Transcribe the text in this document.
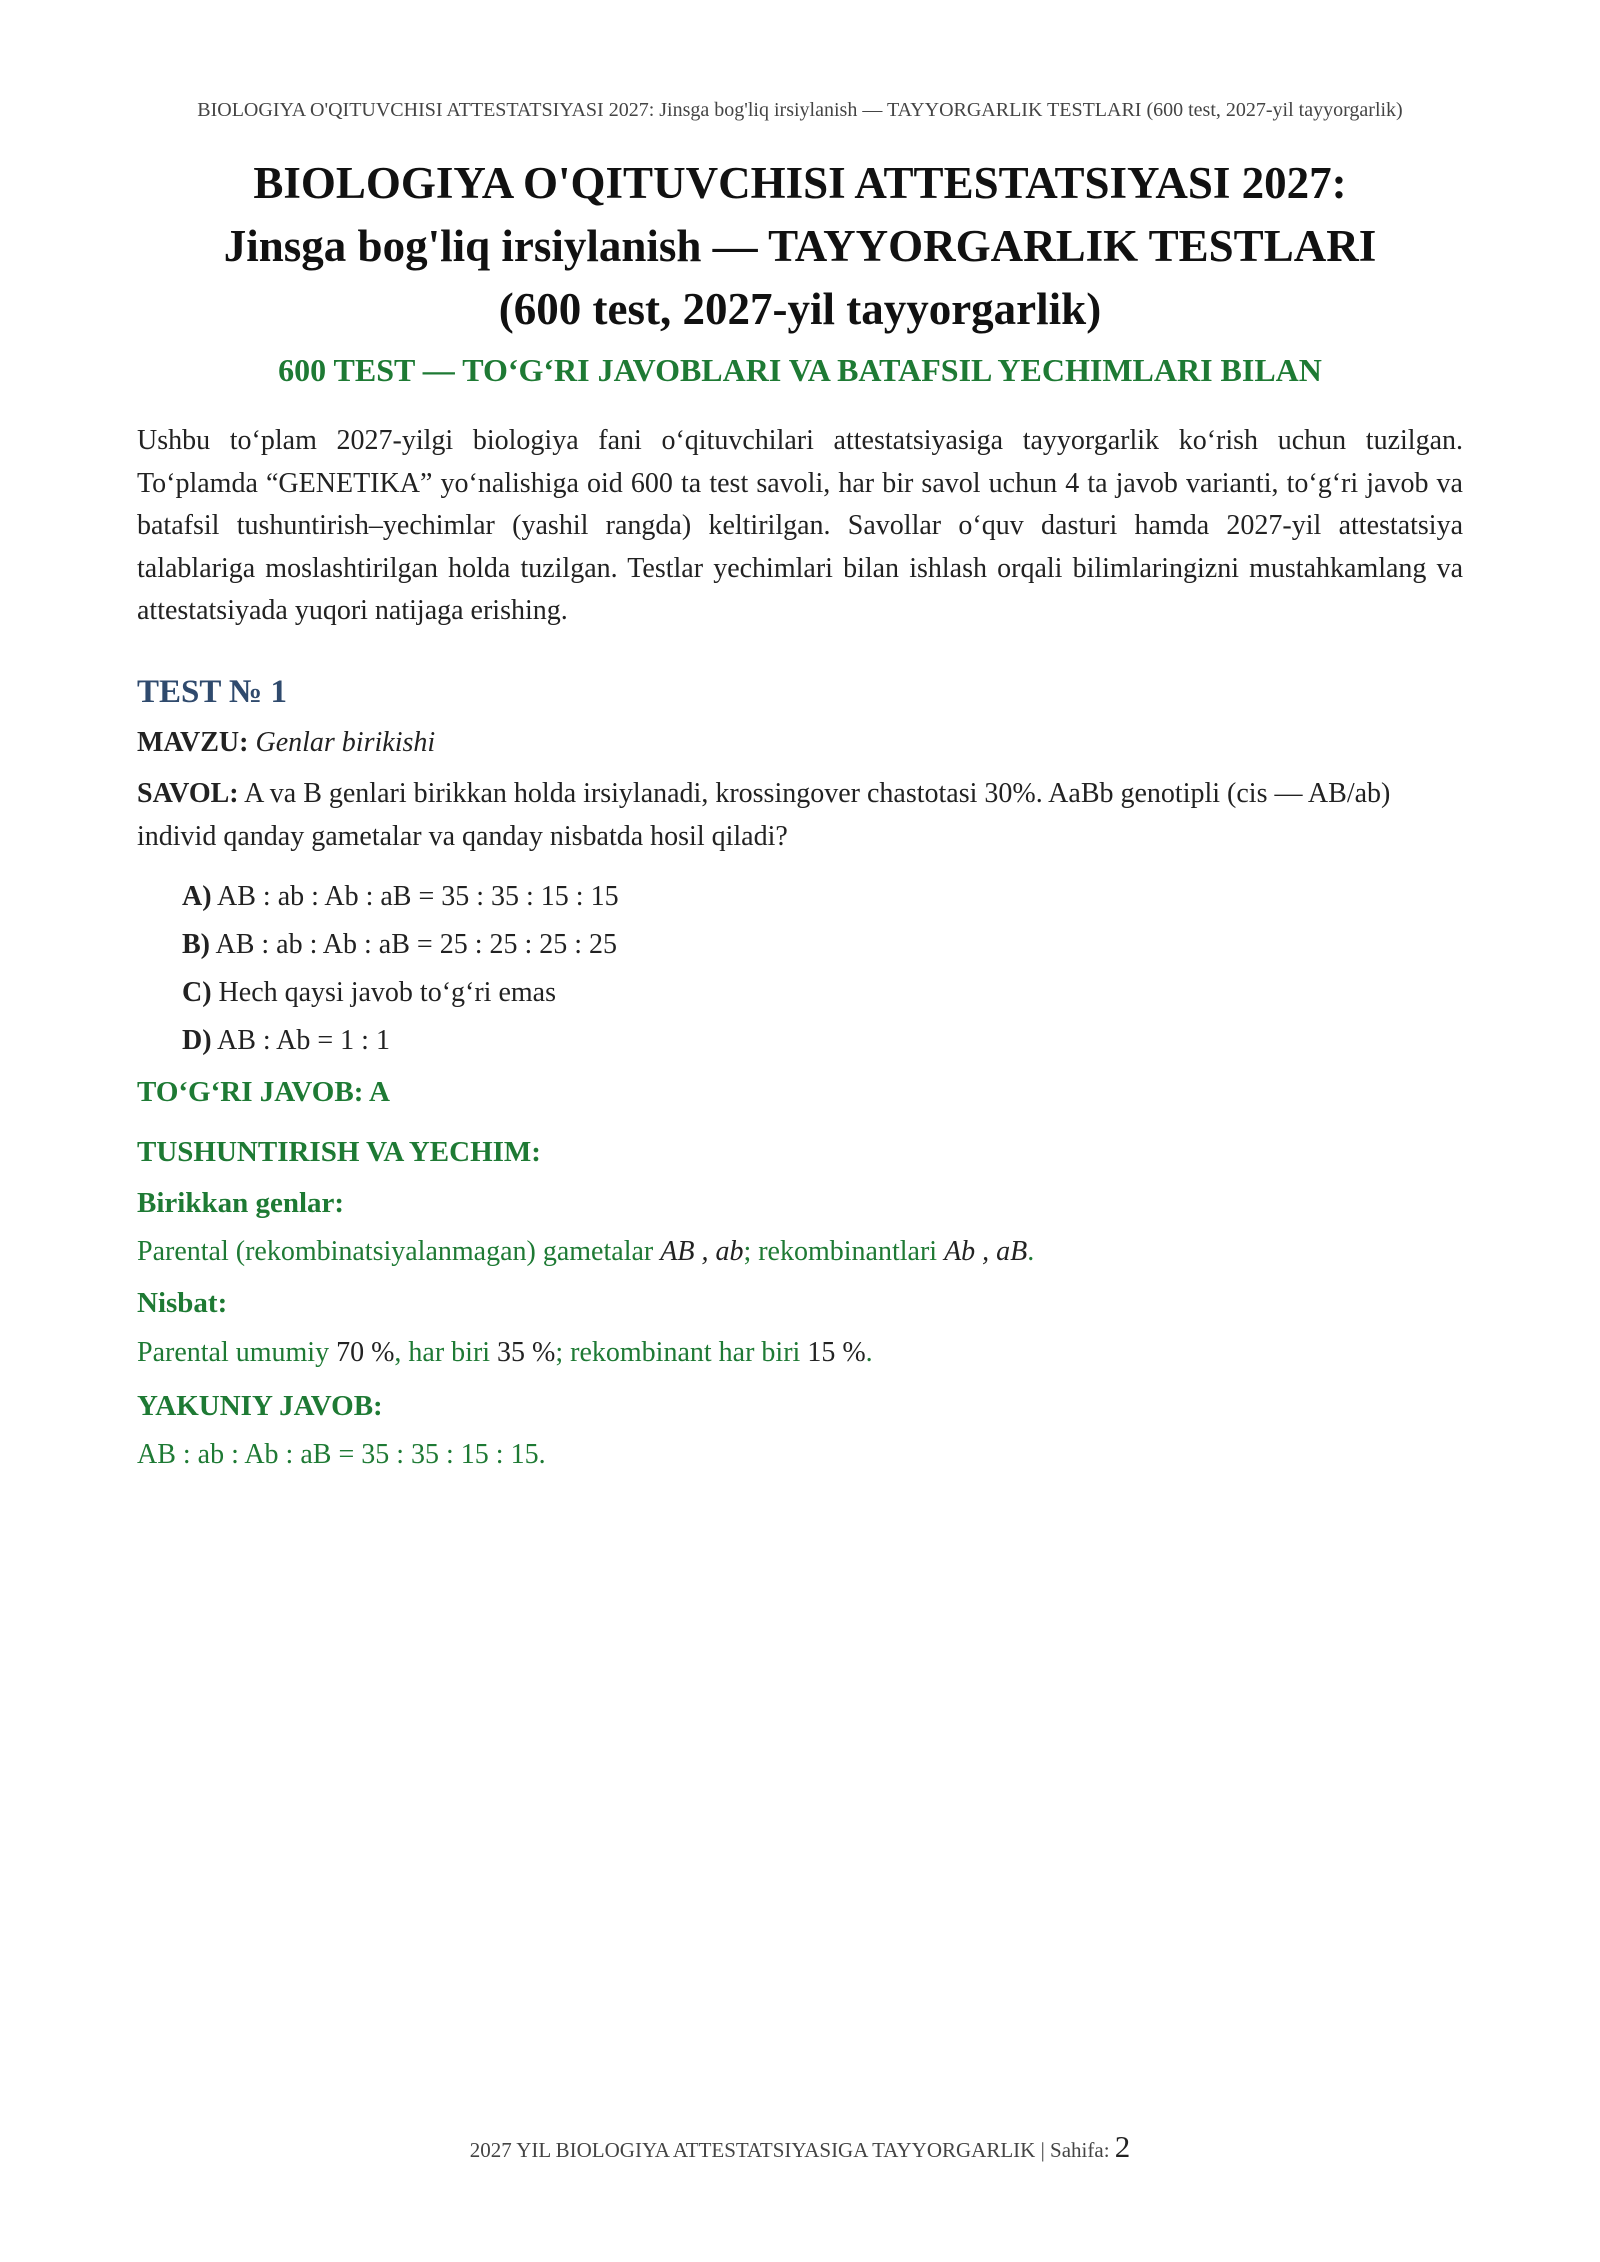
BIOLOGIYA O'QITUVCHISI ATTESTATSIYASI 2027: Jinsga bog'liq irsiylanish — TAYYORGARLIK TESTLARI (600 test, 2027-yil tayyorgarlik)
BIOLOGIYA O'QITUVCHISI ATTESTATSIYASI 2027:
Jinsga bog'liq irsiylanish — TAYYORGARLIK TESTLARI
(600 test, 2027-yil tayyorgarlik)
600 TEST — TO‘G‘RI JAVOBLARI VA BATAFSIL YECHIMLARI BILAN

Ushbu to‘plam 2027-yilgi biologiya fani o‘qituvchilari attestatsiyasiga tayyorgarlik ko‘rish uchun tuzilgan. To‘plamda “GENETIKA” yo‘nalishiga oid 600 ta test savoli, har bir savol uchun 4 ta javob varianti, to‘g‘ri javob va batafsil tushuntirish–yechimlar (yashil rangda) keltirilgan. Savollar o‘quv dasturi hamda 2027-yil attestatsiya talablariga moslashtirilgan holda tuzilgan. Testlar yechimlari bilan ishlash orqali bilimlaringizni mustahkamlang va attestatsiyada yuqori natijaga erishing.

TEST № 1

MAVZU: Genlar birikishi

SAVOL: A va B genlari birikkan holda irsiylanadi, krossingover chastotasi 30%. AaBb genotipli (cis — AB/ab) individ qanday gametalar va qanday nisbatda hosil qiladi?

A) AB : ab : Ab : aB = 35 : 35 : 15 : 15
B) AB : ab : Ab : aB = 25 : 25 : 25 : 25
C) Hech qaysi javob to‘g‘ri emas
D) AB : Ab = 1 : 1

TO‘G‘RI JAVOB: A

TUSHUNTIRISH VA YECHIM:

Birikkan genlar:

Parental (rekombinatsiyalanmagan) gametalar AB , ab; rekombinantlari Ab , aB.

Nisbat:

Parental umumiy 70 %, har biri 35 %; rekombinant har biri 15 %.

YAKUNIY JAVOB:

AB : ab : Ab : aB = 35 : 35 : 15 : 15.

2027 YIL BIOLOGIYA ATTESTATSIYASIGA TAYYORGARLIK | Sahifa: 2
